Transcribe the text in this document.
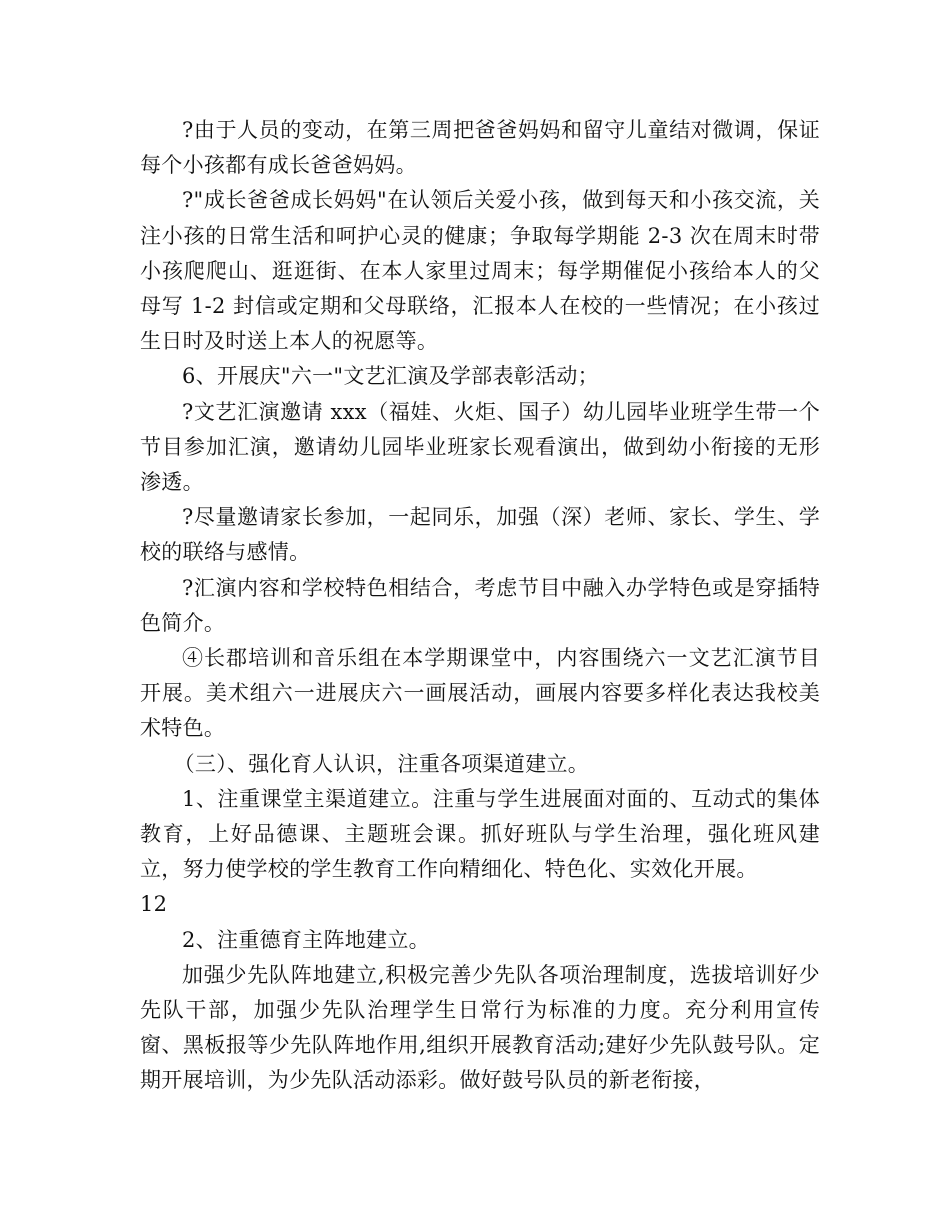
?由于人员的变动，在第三周把爸爸妈妈和留守儿童结对微调，保证每个小孩都有成长爸爸妈妈。

?"成长爸爸成长妈妈"在认领后关爱小孩，做到每天和小孩交流，关注小孩的日常生活和呵护心灵的健康；争取每学期能 2-3 次在周末时带小孩爬爬山、逛逛街、在本人家里过周末；每学期催促小孩给本人的父母写 1-2 封信或定期和父母联络，汇报本人在校的一些情况；在小孩过生日时及时送上本人的祝愿等。

6、开展庆"六一"文艺汇演及学部表彰活动；

?文艺汇演邀请 xxx（福娃、火炬、国子）幼儿园毕业班学生带一个节目参加汇演，邀请幼儿园毕业班家长观看演出，做到幼小衔接的无形渗透。

?尽量邀请家长参加，一起同乐，加强（深）老师、家长、学生、学校的联络与感情。

?汇演内容和学校特色相结合，考虑节目中融入办学特色或是穿插特色简介。

④长郡培训和音乐组在本学期课堂中，内容围绕六一文艺汇演节目开展。美术组六一进展庆六一画展活动，画展内容要多样化表达我校美术特色。

（三）、强化育人认识，注重各项渠道建立。

1、注重课堂主渠道建立。注重与学生进展面对面的、互动式的集体教育，上好品德课、主题班会课。抓好班队与学生治理，强化班风建立，努力使学校的学生教育工作向精细化、特色化、实效化开展。

12

2、注重德育主阵地建立。

加强少先队阵地建立,积极完善少先队各项治理制度，选拔培训好少先队干部，加强少先队治理学生日常行为标准的力度。充分利用宣传窗、黑板报等少先队阵地作用,组织开展教育活动;建好少先队鼓号队。定期开展培训，为少先队活动添彩。做好鼓号队员的新老衔接，
